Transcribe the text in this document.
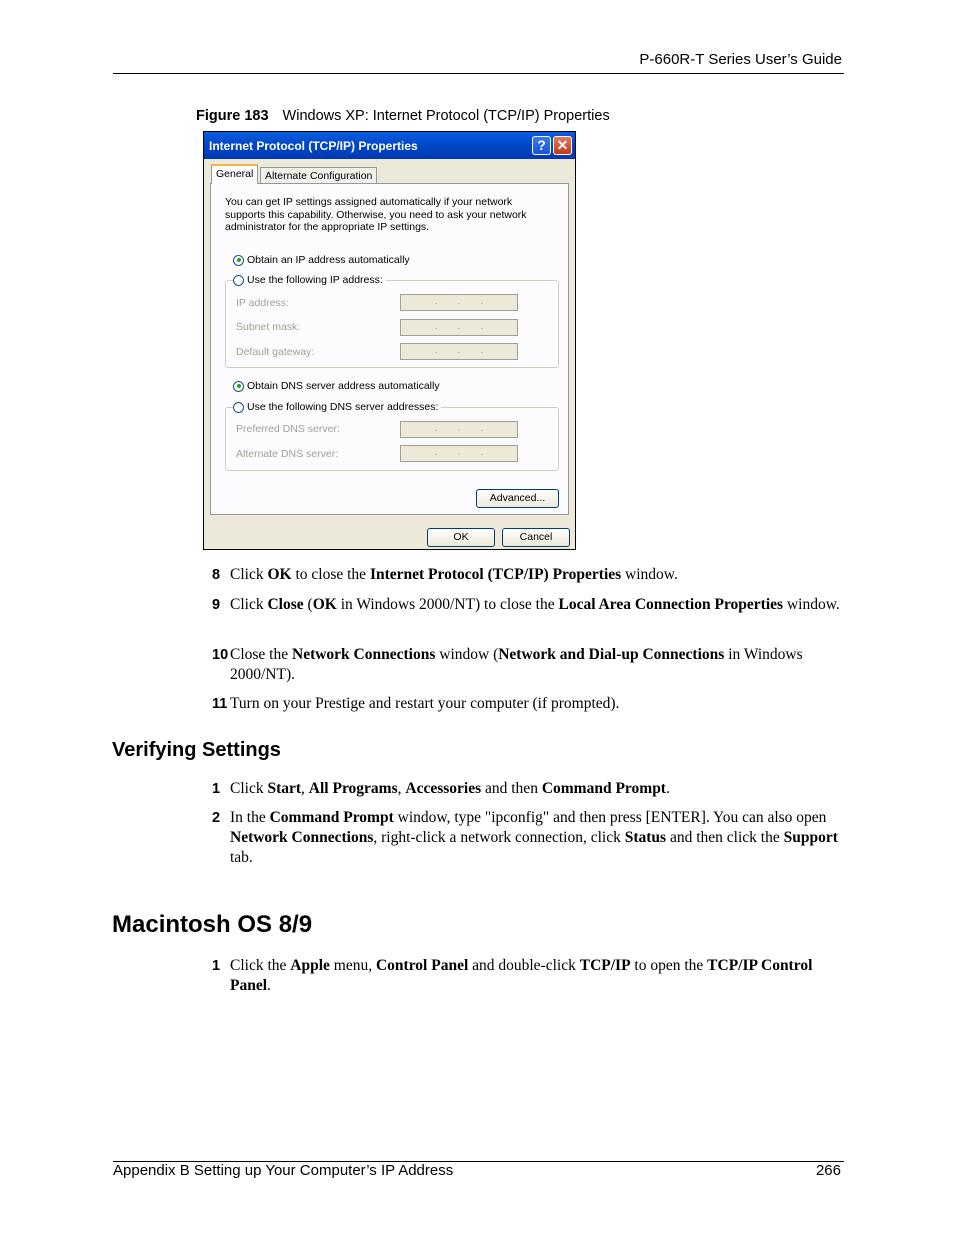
P-660R-T Series User’s Guide
Figure 183 Windows XP: Internet Protocol (TCP/IP) Properties
Internet Protocol (TCP/IP) Properties	? ✕
General	Alternate Configuration
You can get IP settings assigned automatically if your network supports this capability. Otherwise, you need to ask your network administrator for the appropriate IP settings.
Obtain an IP address automatically
Use the following IP address:
IP address:	...
Subnet mask:	...
Default gateway:	...
Obtain DNS server address automatically
Use the following DNS server addresses:
Preferred DNS server:	...
Alternate DNS server:	...
Advanced...
OK	Cancel
8 Click OK to close the Internet Protocol (TCP/IP) Properties window.
9 Click Close (OK in Windows 2000/NT) to close the Local Area Connection Properties window.
10 Close the Network Connections window (Network and Dial-up Connections in Windows 2000/NT).
11 Turn on your Prestige and restart your computer (if prompted).
Verifying Settings
1 Click Start, All Programs, Accessories and then Command Prompt.
2 In the Command Prompt window, type "ipconfig" and then press [ENTER]. You can also open Network Connections, right-click a network connection, click Status and then click the Support tab.
Macintosh OS 8/9
1 Click the Apple menu, Control Panel and double-click TCP/IP to open the TCP/IP Control Panel.
Appendix B Setting up Your Computer’s IP Address	266
